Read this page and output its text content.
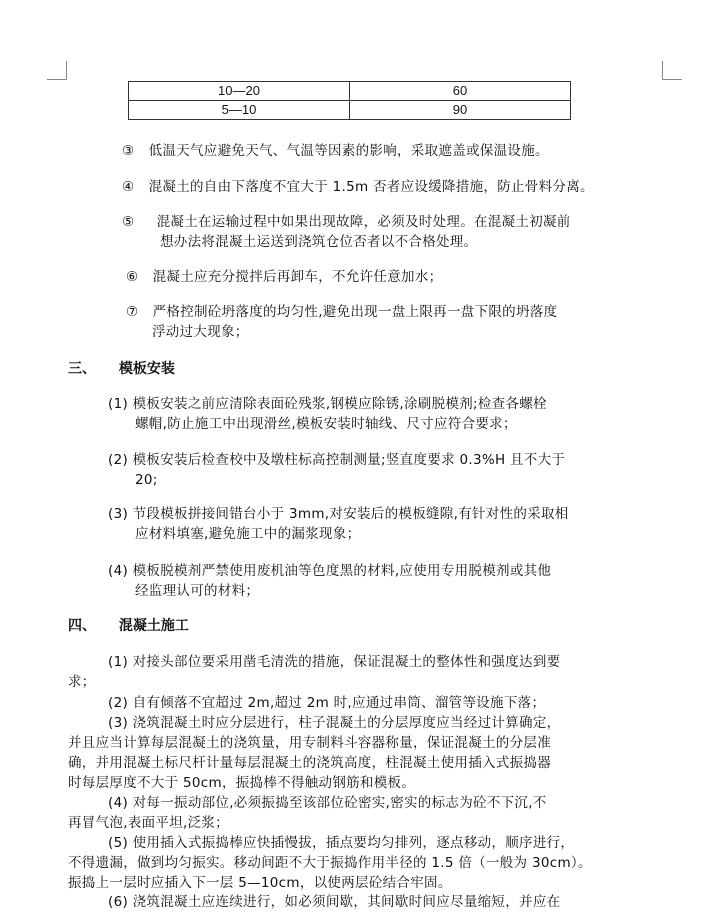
10—20	60
5—10	90

③ 低温天气应避免天气、气温等因素的影响，采取遮盖或保温设施。

④ 混凝土的自由下落度不宜大于 1.5m 否者应设缓降措施，防止骨料分离。

⑤ 混凝土在运输过程中如果出现故障，必须及时处理。在混凝土初凝前

想办法将混凝土运送到浇筑仓位否者以不合格处理。

⑥ 混凝土应充分搅拌后再卸车，不允许任意加水；

⑦ 严格控制砼坍落度的均匀性,避免出现一盘上限再一盘下限的坍落度

浮动过大现象；

三、 模板安装

(1) 模板安装之前应清除表面砼残浆,钢模应除锈,涂刷脱模剂;检查各螺栓

螺帽,防止施工中出现滑丝,模板安装时轴线、尺寸应符合要求；

(2) 模板安装后检查校中及墩柱标高控制测量;竖直度要求 0.3%H 且不大于

20;

(3) 节段模板拼接间错台小于 3mm,对安装后的模板缝隙,有针对性的采取相

应材料填塞,避免施工中的漏浆现象；

(4) 模板脱模剂严禁使用废机油等色度黑的材料,应使用专用脱模剂或其他

经监理认可的材料；

四、 混凝土施工

(1) 对接头部位要采用凿毛清洗的措施，保证混凝土的整体性和强度达到要

求；

(2) 自有倾落不宜超过 2m,超过 2m 时,应通过串筒、溜管等设施下落；

(3) 浇筑混凝土时应分层进行，柱子混凝土的分层厚度应当经过计算确定，

并且应当计算每层混凝土的浇筑量，用专制料斗容器称量，保证混凝土的分层准

确，并用混凝土标尺杆计量每层混凝土的浇筑高度，柱混凝土使用插入式振捣器

时每层厚度不大于 50cm，振捣棒不得触动钢筋和模板。

(4) 对每一振动部位,必须振捣至该部位砼密实,密实的标志为砼不下沉,不

再冒气泡,表面平坦,泛浆；

(5) 使用插入式振捣棒应快插慢拔，插点要均匀排列，逐点移动，顺序进行，

不得遗漏，做到均匀振实。移动间距不大于振捣作用半径的 1.5 倍（一般为 30cm）。

振捣上一层时应插入下一层 5—10cm，以使两层砼结合牢固。

(6) 浇筑混凝土应连续进行，如必须间歇，其间歇时间应尽量缩短，并应在
